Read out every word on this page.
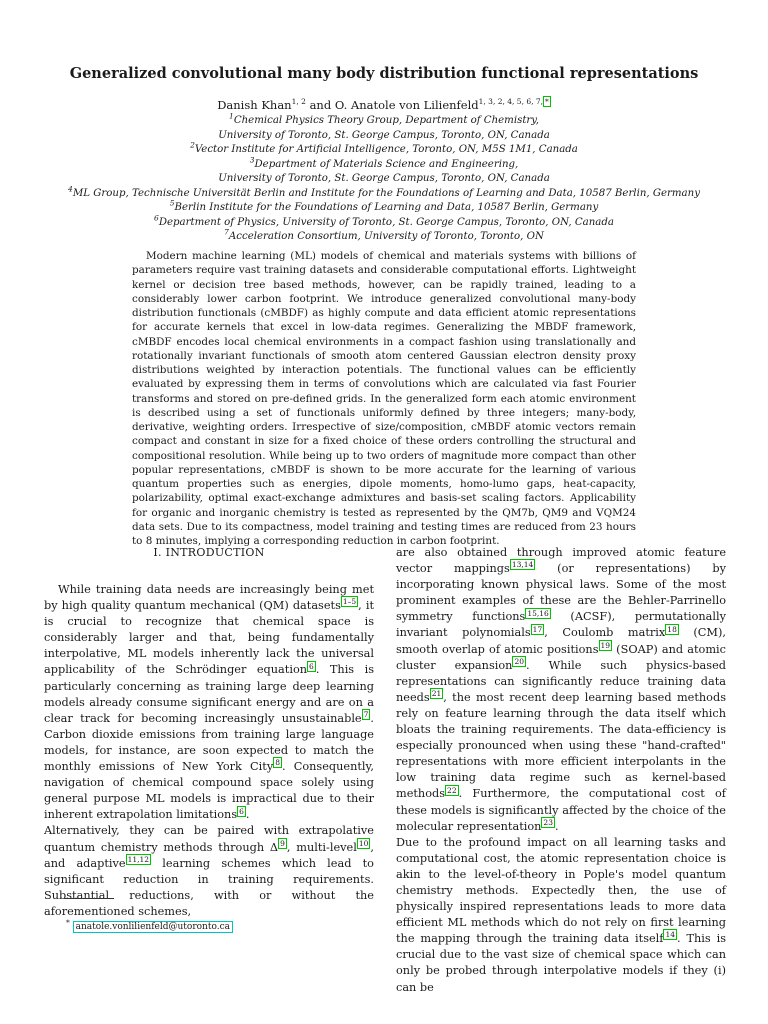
Generalized convolutional many body distribution functional representations
Danish Khan$^{1, 2}$ and O. Anatole von Lilienfeld$^{1, 3, 2, 4, 5, 6, 7,}$ *
$^1$Chemical Physics Theory Group, Department of Chemistry,
University of Toronto, St. George Campus, Toronto, ON, Canada
$^2$Vector Institute for Artificial Intelligence, Toronto, ON, M5S 1M1, Canada
$^3$Department of Materials Science and Engineering,
University of Toronto, St. George Campus, Toronto, ON, Canada
$^4$ML Group, Technische Universität Berlin and Institute for the Foundations of Learning and Data, 10587 Berlin, Germany
$^5$Berlin Institute for the Foundations of Learning and Data, 10587 Berlin, Germany
$^6$Department of Physics, University of Toronto, St. George Campus, Toronto, ON, Canada
$^7$Acceleration Consortium, University of Toronto, Toronto, ON
Modern machine learning (ML) models of chemical and materials systems with billions of parameters require vast training datasets and considerable computational efforts. Lightweight kernel or decision tree based methods, however, can be rapidly trained, leading to a considerably lower carbon footprint. We introduce generalized convolutional many-body distribution functionals (cMBDF) as highly compute and data efficient atomic representations for accurate kernels that excel in low-data regimes. Generalizing the MBDF framework, cMBDF encodes local chemical environments in a compact fashion using translationally and rotationally invariant functionals of smooth atom centered Gaussian electron density proxy distributions weighted by interaction potentials. The functional values can be efficiently evaluated by expressing them in terms of convolutions which are calculated via fast Fourier transforms and stored on pre-defined grids. In the generalized form each atomic environment is described using a set of functionals uniformly defined by three integers; many-body, derivative, weighting orders. Irrespective of size/composition, cMBDF atomic vectors remain compact and constant in size for a fixed choice of these orders controlling the structural and compositional resolution. While being up to two orders of magnitude more compact than other popular representations, cMBDF is shown to be more accurate for the learning of various quantum properties such as energies, dipole moments, homo-lumo gaps, heat-capacity, polarizability, optimal exact-exchange admixtures and basis-set scaling factors. Applicability for organic and inorganic chemistry is tested as represented by the QM7b, QM9 and VQM24 data sets. Due to its compactness, model training and testing times are reduced from 23 hours to 8 minutes, implying a corresponding reduction in carbon footprint.
I. INTRODUCTION

While training data needs are increasingly being met by high quality quantum mechanical (QM) datasets $^{1-5}$ , it is crucial to recognize that chemical space is considerably larger and that, being fundamentally interpolative, ML models inherently lack the universal applicability of the Schrödinger equation $^6$ . This is particularly concerning as training large deep learning models already consume significant energy and are on a clear track for becoming increasingly unsustainable $^7$ . Carbon dioxide emissions from training large language models, for instance, are soon expected to match the monthly emissions of New York City $^8$ . Consequently, navigation of chemical compound space solely using general purpose ML models is impractical due to their inherent extrapolation limitations $^6$ .

Alternatively, they can be paired with extrapolative quantum chemistry methods through Δ $^9$ , multi-level $^{10}$ , and adaptive $^{11,12}$ learning schemes which lead to significant reduction in training requirements. Substantial reductions, with or without the aforementioned schemes,

are also obtained through improved atomic feature vector mappings $^{13,14}$ (or representations) by incorporating known physical laws. Some of the most prominent examples of these are the Behler-Parrinello symmetry functions $^{15,16}$ (ACSF), permutationally invariant polynomials $^{17}$ , Coulomb matrix $^{18}$ (CM), smooth overlap of atomic positions $^{19}$ (SOAP) and atomic cluster expansion $^{20}$ . While such physics-based representations can significantly reduce training data needs $^{21}$ , the most recent deep learning based methods rely on feature learning through the data itself which bloats the training requirements. The data-efficiency is especially pronounced when using these "hand-crafted" representations with more efficient interpolants in the low training data regime such as kernel-based methods $^{22}$ . Furthermore, the computational cost of these models is significantly affected by the choice of the molecular representation $^{23}$ .

Due to the profound impact on all learning tasks and computational cost, the atomic representation choice is akin to the level-of-theory in Pople's model quantum chemistry methods. Expectedly then, the use of physically inspired representations leads to more data efficient ML methods which do not rely on first learning the mapping through the training data itself $^{14}$ . This is crucial due to the vast size of chemical space which can only be probed through interpolative models if they (i) can be

* anatole.vonlilienfeld@utoronto.ca
